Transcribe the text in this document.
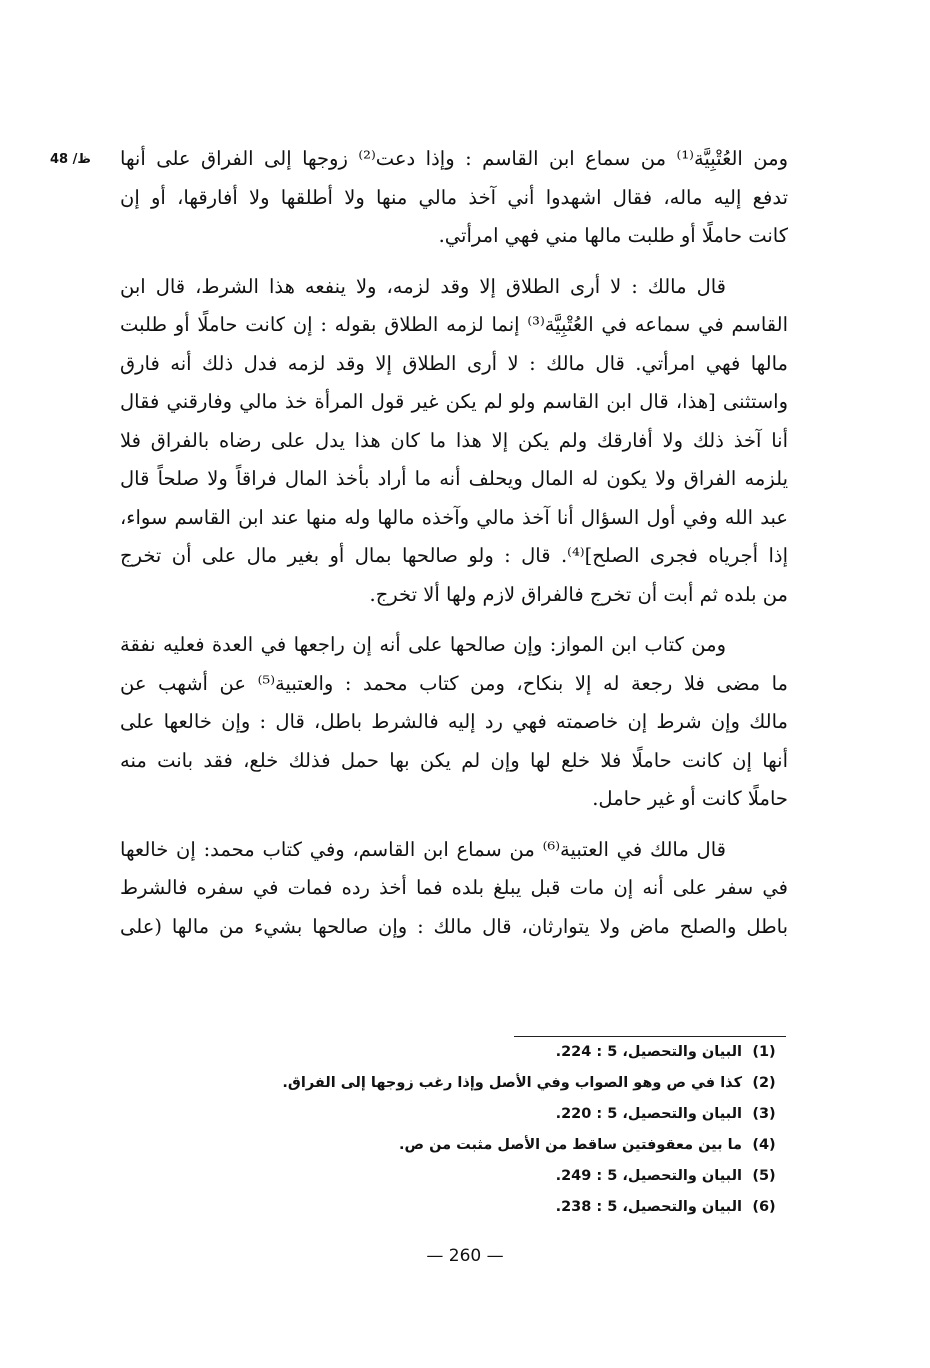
48 /ظ ومن العُتْبِيَّة⁽¹⁾ من سماع ابن القاسم : وإذا دعت⁽²⁾ زوجها إلى الفراق على أنها
تدفع إليه ماله، فقال اشهدوا أني آخذ مالي منها ولا أطلقها ولا أفارقها، أو إن
كانت حاملًا أو طلبت مالها مني فهي امرأتي.

قال مالك : لا أرى الطلاق إلا وقد لزمه، ولا ينفعه هذا الشرط، قال ابن
القاسم في سماعه في العُتْبِيَّة⁽³⁾ إنما لزمه الطلاق بقوله : إن كانت حاملًا أو طلبت
مالها فهي امرأتي. قال مالك : لا أرى الطلاق إلا وقد لزمه فدل ذلك أنه فارق
واستثنى [هذا، قال ابن القاسم ولو لم يكن غير قول المرأة خذ مالي وفارقني فقال
أنا آخذ ذلك ولا أفارقك ولم يكن إلا هذا ما كان هذا يدل على رضاه بالفراق فلا
يلزمه الفراق ولا يكون له المال ويحلف أنه ما أراد بأخذ المال فراقاً ولا صلحاً قال
عبد الله وفي أول السؤال أنا آخذ مالي وآخذه مالها وله منها عند ابن القاسم سواء،
إذا أجرياه فجرى الصلح]⁽⁴⁾. قال : ولو صالحها بمال أو بغير مال على أن تخرج
من بلده ثم أبت أن تخرج فالفراق لازم ولها ألا تخرج.

ومن كتاب ابن المواز: وإن صالحها على أنه إن راجعها في العدة فعليه نفقة
ما مضى فلا رجعة له إلا بنكاح، ومن كتاب محمد : والعتبية⁽⁵⁾ عن أشهب عن
مالك وإن شرط إن خاصمته فهي رد إليه فالشرط باطل، قال : وإن خالعها على
أنها إن كانت حاملًا فلا خلع لها وإن لم يكن بها حمل فذلك خلع، فقد بانت منه
حاملًا كانت أو غير حامل.

قال مالك في العتبية⁽⁶⁾ من سماع ابن القاسم، وفي كتاب محمد: إن خالعها
في سفر على أنه إن مات قبل يبلغ بلده فما أخذ رده فمات في سفره فالشرط
باطل والصلح ماض ولا يتوارثان، قال مالك : وإن صالحها بشيء من مالها (على

(1)
البيان والتحصيل، 5 : 224.
(2)
كذا في ص وهو الصواب وفي الأصل وإذا رغب زوجها إلى الفراق.
(3)
البيان والتحصيل، 5 : 220.
(4)
ما بين معقوفتين ساقط من الأصل مثبت من ص.
(5)
البيان والتحصيل، 5 : 249.
(6)
البيان والتحصيل، 5 : 238.
— 260 —
